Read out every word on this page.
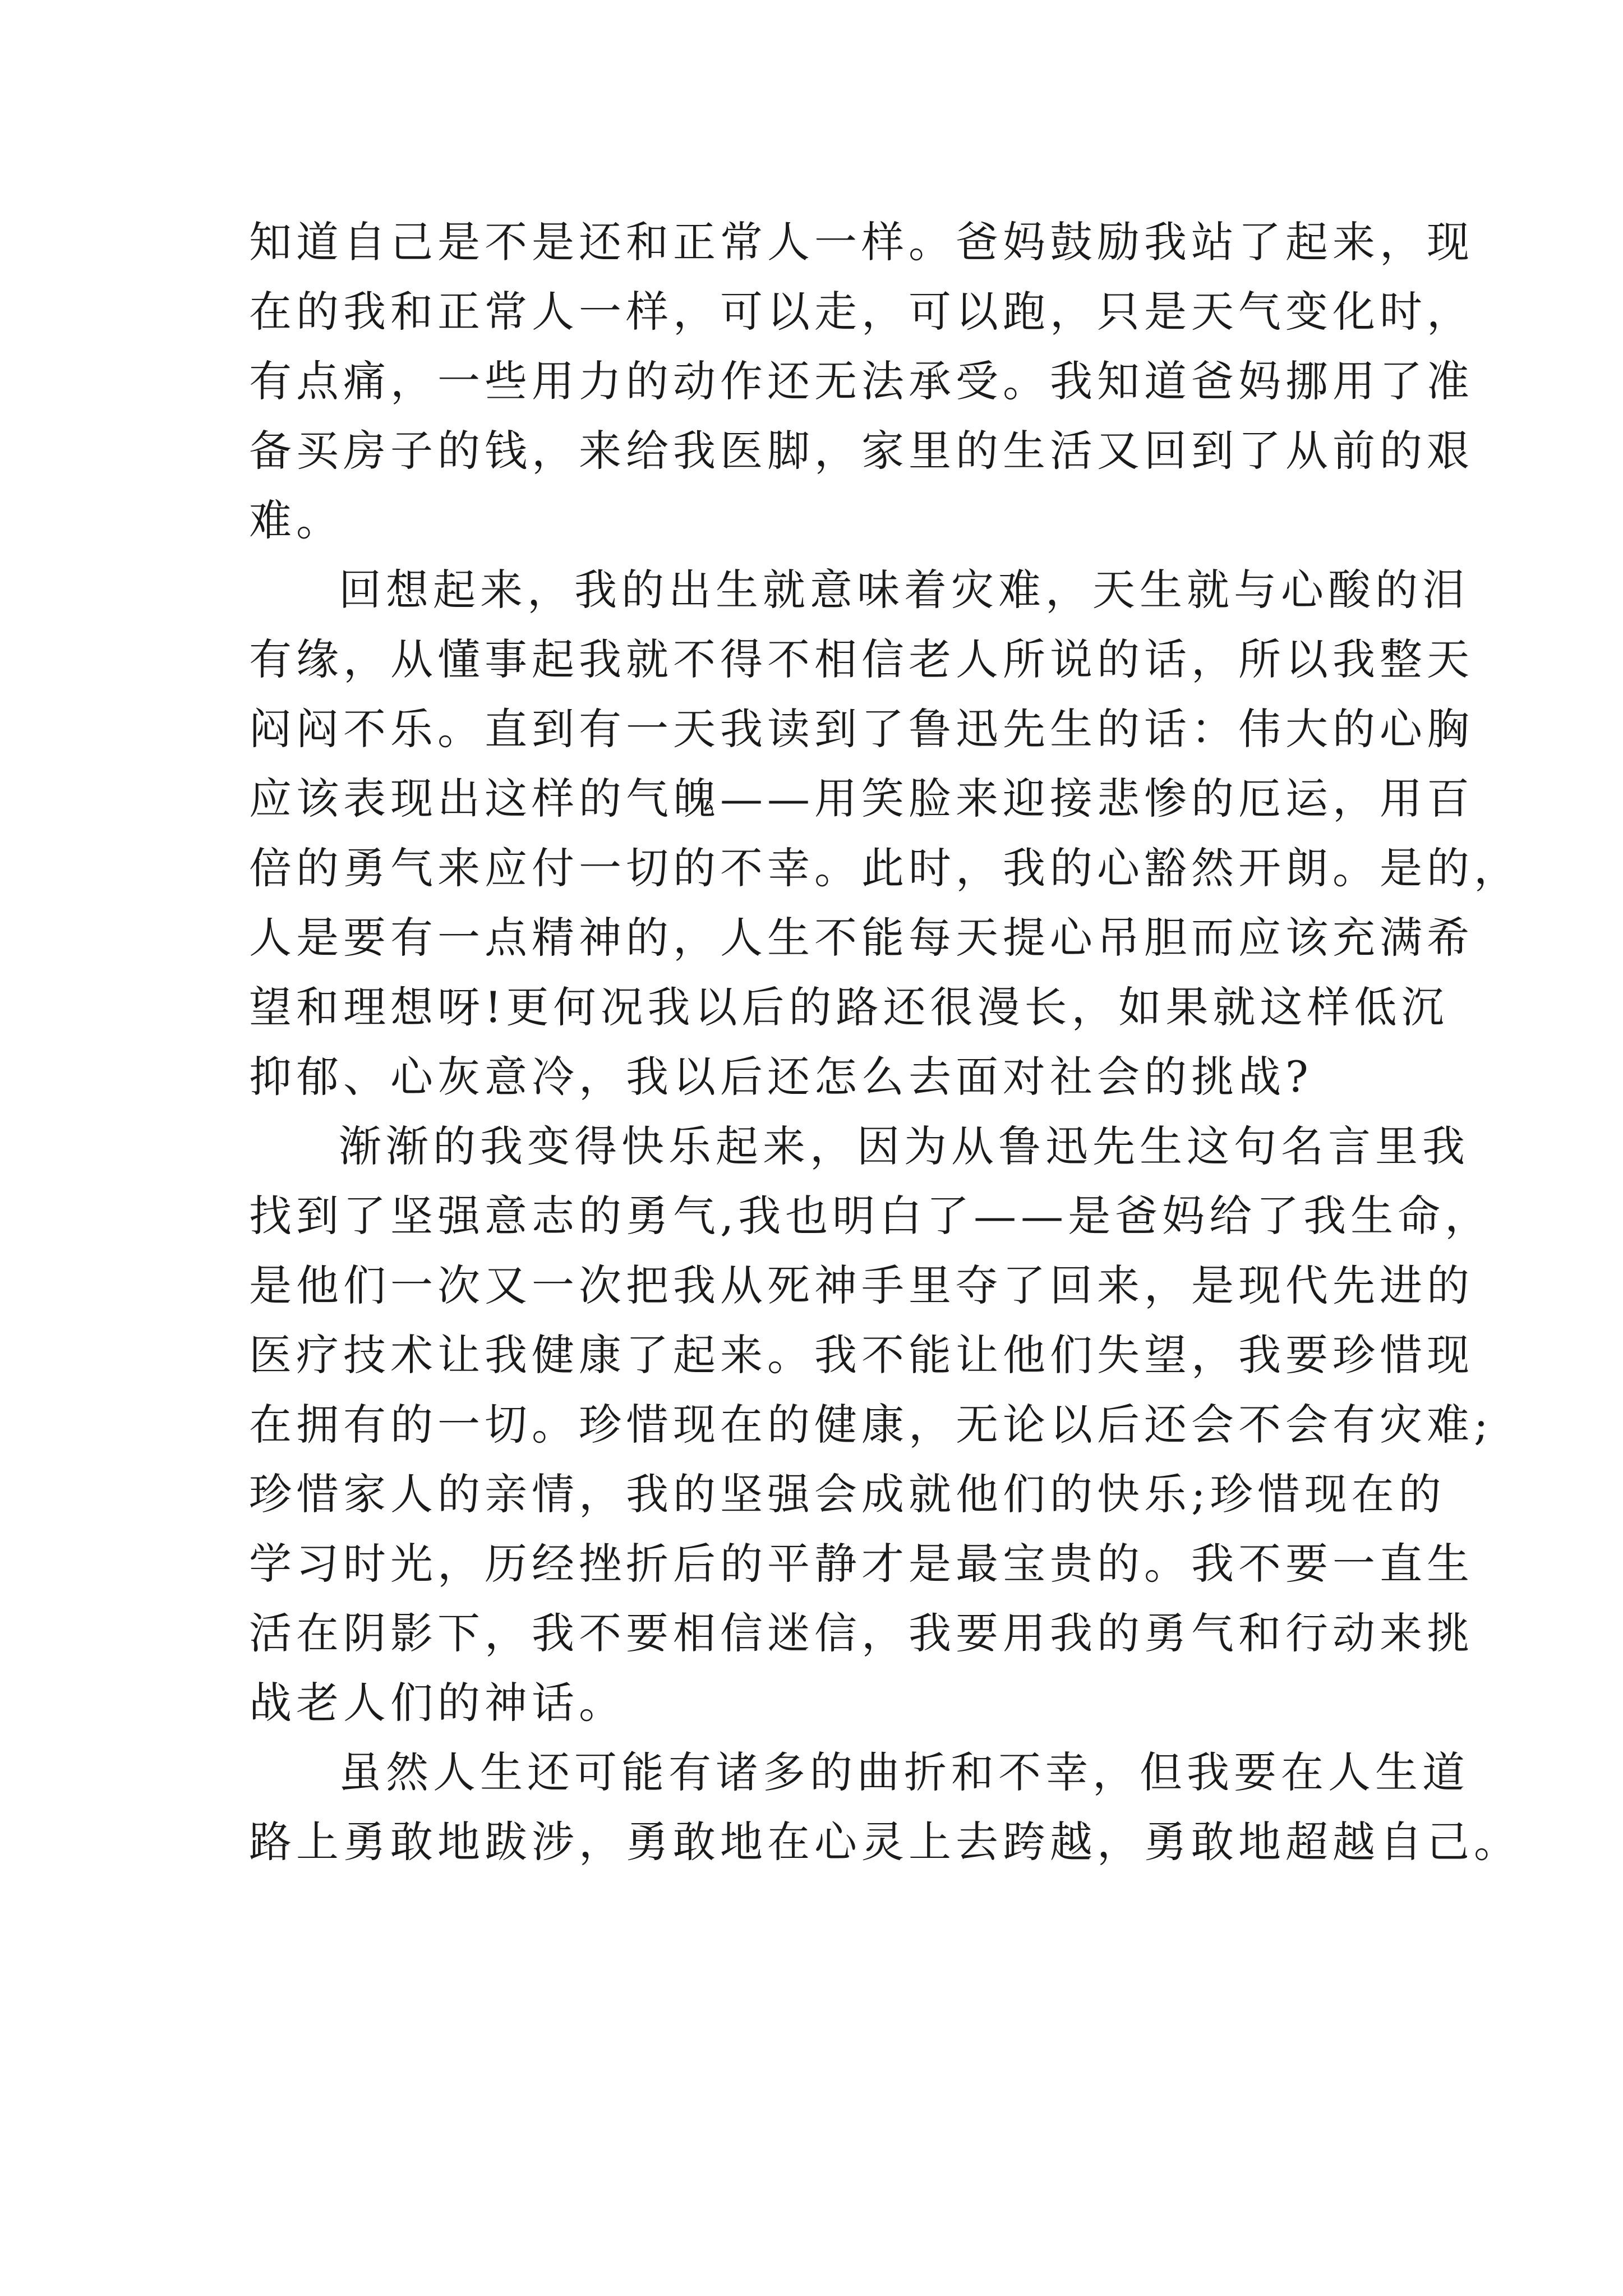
知道自己是不是还和正常人一样。爸妈鼓励我站了起来，现
在的我和正常人一样，可以走，可以跑，只是天气变化时，
有点痛，一些用力的动作还无法承受。我知道爸妈挪用了准
备买房子的钱，来给我医脚，家里的生活又回到了从前的艰
难。
回想起来，我的出生就意味着灾难，天生就与心酸的泪
有缘，从懂事起我就不得不相信老人所说的话，所以我整天
闷闷不乐。直到有一天我读到了鲁迅先生的话：伟大的心胸
应该表现出这样的气魄——用笑脸来迎接悲惨的厄运，用百
倍的勇气来应付一切的不幸。此时，我的心豁然开朗。是的，
人是要有一点精神的，人生不能每天提心吊胆而应该充满希
望和理想呀!更何况我以后的路还很漫长，如果就这样低沉
抑郁、心灰意冷，我以后还怎么去面对社会的挑战?
渐渐的我变得快乐起来，因为从鲁迅先生这句名言里我
找到了坚强意志的勇气,我也明白了——是爸妈给了我生命，
是他们一次又一次把我从死神手里夺了回来，是现代先进的
医疗技术让我健康了起来。我不能让他们失望，我要珍惜现
在拥有的一切。珍惜现在的健康，无论以后还会不会有灾难;
珍惜家人的亲情，我的坚强会成就他们的快乐;珍惜现在的
学习时光，历经挫折后的平静才是最宝贵的。我不要一直生
活在阴影下，我不要相信迷信，我要用我的勇气和行动来挑
战老人们的神话。
虽然人生还可能有诸多的曲折和不幸，但我要在人生道
路上勇敢地跋涉，勇敢地在心灵上去跨越，勇敢地超越自己。
